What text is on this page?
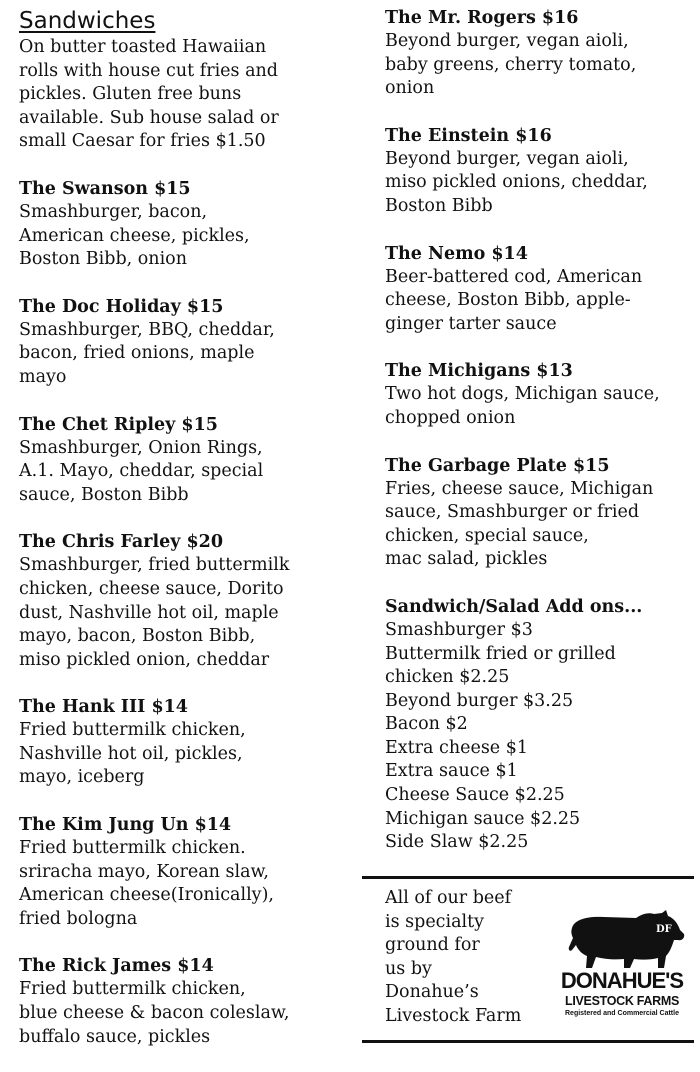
Sandwiches
On butter toasted Hawaiian
rolls with house cut fries and
pickles. Gluten free buns
available. Sub house salad or
small Caesar for fries $1.50
The Swanson $15
Smashburger, bacon,
American cheese, pickles,
Boston Bibb, onion
The Doc Holiday $15
Smashburger, BBQ, cheddar,
bacon, fried onions, maple
mayo
The Chet Ripley $15
Smashburger, Onion Rings,
A.1. Mayo, cheddar, special
sauce, Boston Bibb
The Chris Farley $20
Smashburger, fried buttermilk
chicken, cheese sauce, Dorito
dust, Nashville hot oil, maple
mayo, bacon, Boston Bibb,
miso pickled onion, cheddar
The Hank III $14
Fried buttermilk chicken,
Nashville hot oil, pickles,
mayo, iceberg
The Kim Jung Un $14
Fried buttermilk chicken.
sriracha mayo, Korean slaw,
American cheese(Ironically),
fried bologna
The Rick James $14
Fried buttermilk chicken,
blue cheese & bacon coleslaw,
buffalo sauce, pickles
The Mr. Rogers $16
Beyond burger, vegan aioli,
baby greens, cherry tomato,
onion
The Einstein $16
Beyond burger, vegan aioli,
miso pickled onions, cheddar,
Boston Bibb
The Nemo $14
Beer-battered cod, American
cheese, Boston Bibb, apple-
ginger tarter sauce
The Michigans $13
Two hot dogs, Michigan sauce,
chopped onion
The Garbage Plate $15
Fries, cheese sauce, Michigan
sauce, Smashburger or fried
chicken, special sauce,
mac salad, pickles
Sandwich/Salad Add ons...
Smashburger $3
Buttermilk fried or grilled
chicken $2.25
Beyond burger $3.25
Bacon $2
Extra cheese $1
Extra sauce $1
Cheese Sauce $2.25
Michigan sauce $2.25
Side Slaw $2.25
All of our beef
is specialty
ground for
us by
Donahue’s
Livestock Farm
DF
DONAHUE'S
LIVESTOCK FARMS
Registered and Commercial Cattle
